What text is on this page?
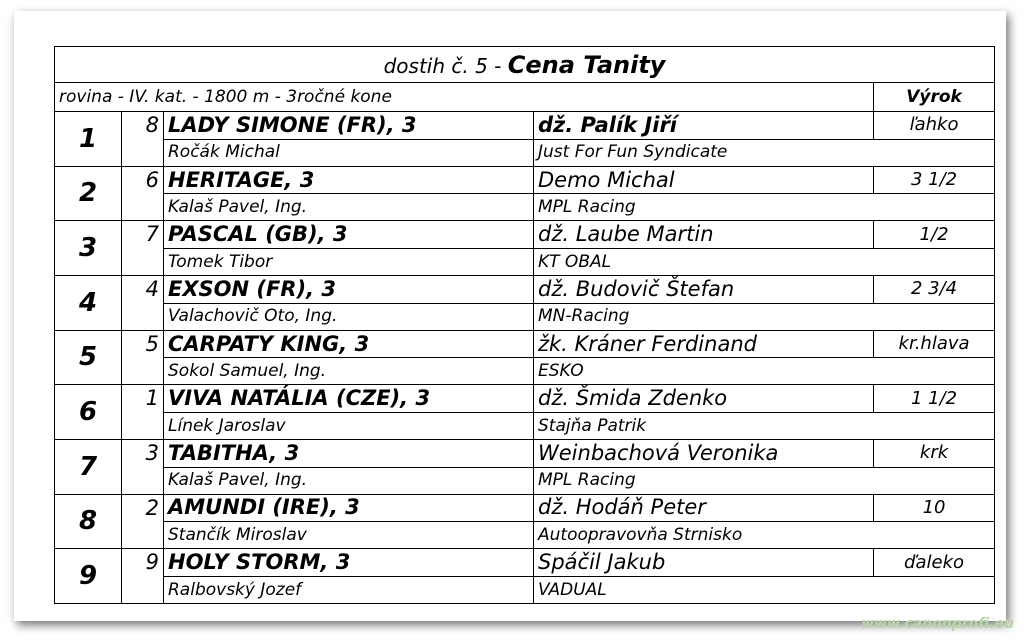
dostih č. 5 - Cena Tanity				
rovina - IV. kat. - 1800 m - 3ročné kone				Výrok
1	8	LADY SIMONE (FR), 3	dž. Palík Jiří	ľahko
		Ročák Michal	Just For Fun Syndicate	
2	6	HERITAGE, 3	Demo Michal	3 1/2
		Kalaš Pavel, Ing.	MPL Racing	
3	7	PASCAL (GB), 3	dž. Laube Martin	1/2
		Tomek Tibor	KT OBAL	
4	4	EXSON (FR), 3	dž. Budovič Štefan	2 3/4
		Valachovič Oto, Ing.	MN-Racing	
5	5	CARPATY KING, 3	žk. Kráner Ferdinand	kr.hlava
		Sokol Samuel, Ing.	ESKO	
6	1	VIVA NATÁLIA (CZE), 3	dž. Šmida Zdenko	1 1/2
		Línek Jaroslav	Stajňa Patrik	
7	3	TABITHA, 3	Weinbachová Veronika	krk
		Kalaš Pavel, Ing.	MPL Racing	
8	2	AMUNDI (IRE), 3	dž. Hodáň Peter	10
		Stančík Miroslav	Autoopravovňa Strnisko	
9	9	HOLY STORM, 3	Spáčil Jakub	ďaleko
		Ralbovský Jozef	VADUAL	
www.canonprofi.eu
